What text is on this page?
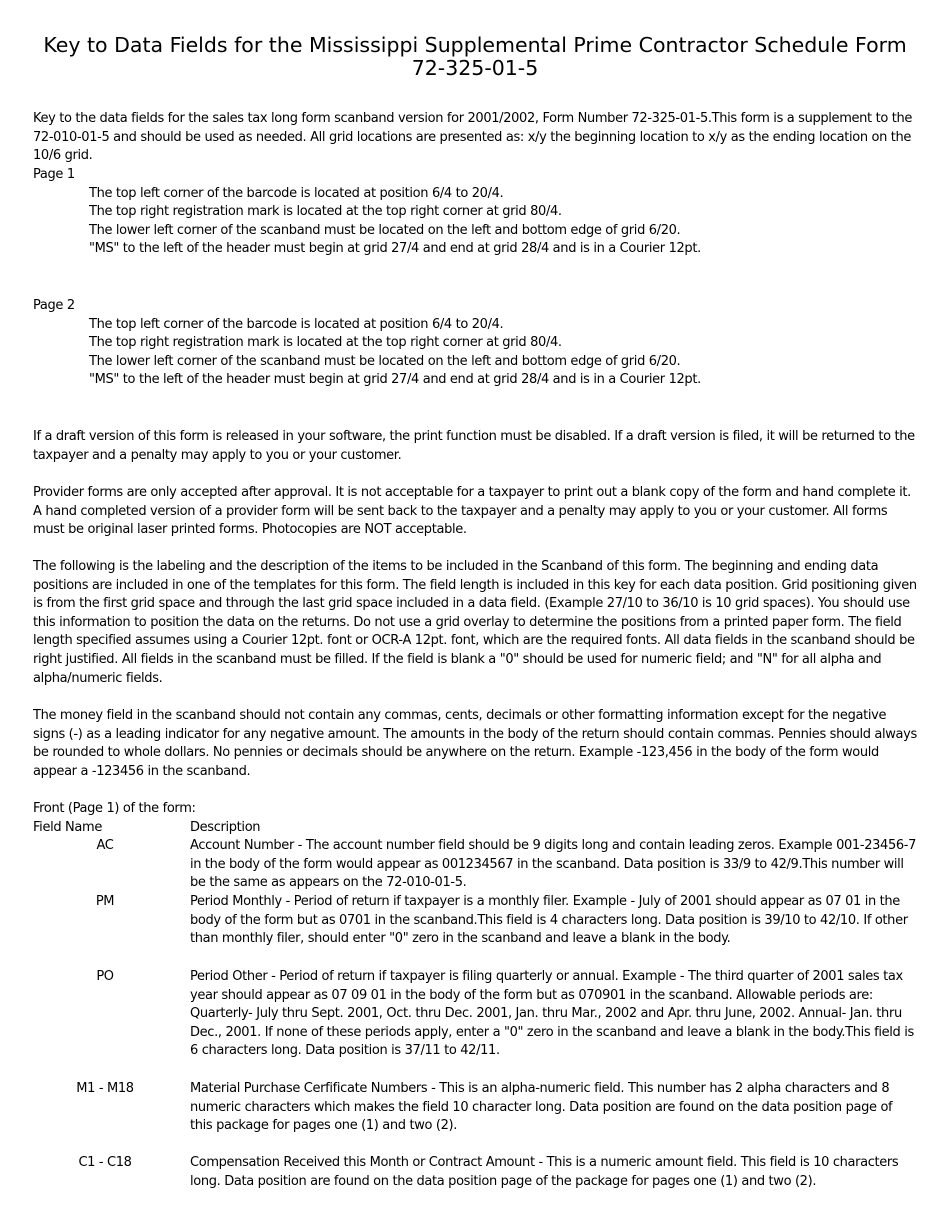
Key to Data Fields for the Mississippi Supplemental Prime Contractor Schedule Form 72-325-01-5

Key to the data fields for the sales tax long form scanband version for 2001/2002, Form Number 72-325-01-5.This form is a supplement to the 72-010-01-5 and should be used as needed. All grid locations are presented as: x/y the beginning location to x/y as the ending location on the 10/6 grid.

Page 1

The top left corner of the barcode is located at position 6/4 to 20/4.

The top right registration mark is located at the top right corner at grid 80/4.

The lower left corner of the scanband must be located on the left and bottom edge of grid 6/20.

"MS" to the left of the header must begin at grid 27/4 and end at grid 28/4 and is in a Courier 12pt.

Page 2

The top left corner of the barcode is located at position 6/4 to 20/4.

The top right registration mark is located at the top right corner at grid 80/4.

The lower left corner of the scanband must be located on the left and bottom edge of grid 6/20.

"MS" to the left of the header must begin at grid 27/4 and end at grid 28/4 and is in a Courier 12pt.

If a draft version of this form is released in your software, the print function must be disabled. If a draft version is filed, it will be returned to the taxpayer and a penalty may apply to you or your customer.

Provider forms are only accepted after approval. It is not acceptable for a taxpayer to print out a blank copy of the form and hand complete it. A hand completed version of a provider form will be sent back to the taxpayer and a penalty may apply to you or your customer. All forms must be original laser printed forms. Photocopies are NOT acceptable.

The following is the labeling and the description of the items to be included in the Scanband of this form. The beginning and ending data positions are included in one of the templates for this form. The field length is included in this key for each data position. Grid positioning given is from the first grid space and through the last grid space included in a data field. (Example 27/10 to 36/10 is 10 grid spaces). You should use this information to position the data on the returns. Do not use a grid overlay to determine the positions from a printed paper form. The field length specified assumes using a Courier 12pt. font or OCR-A 12pt. font, which are the required fonts. All data fields in the scanband should be right justified. All fields in the scanband must be filled. If the field is blank a "0" should be used for numeric field; and "N" for all alpha and alpha/numeric fields.

The money field in the scanband should not contain any commas, cents, decimals or other formatting information except for the negative signs (-) as a leading indicator for any negative amount. The amounts in the body of the return should contain commas. Pennies should always be rounded to whole dollars. No pennies or decimals should be anywhere on the return. Example -123,456 in the body of the form would appear a -123456 in the scanband.

Front (Page 1) of the form:

Field Name	Description
AC	Account Number - The account number field should be 9 digits long and contain leading zeros. Example 001-23456-7 in the body of the form would appear as 001234567 in the scanband. Data position is 33/9 to 42/9.This number will be the same as appears on the 72-010-01-5.

PM	Period Monthly - Period of return if taxpayer is a monthly filer. Example - July of 2001 should appear as 07 01 in the body of the form but as 0701 in the scanband.This field is 4 characters long. Data position is 39/10 to 42/10. If other than monthly filer, should enter "0" zero in the scanband and leave a blank in the body.

PO	Period Other - Period of return if taxpayer is filing quarterly or annual. Example - The third quarter of 2001 sales tax year should appear as 07 09 01 in the body of the form but as 070901 in the scanband. Allowable periods are: Quarterly- July thru Sept. 2001, Oct. thru Dec. 2001, Jan. thru Mar., 2002 and Apr. thru June, 2002. Annual- Jan. thru Dec., 2001. If none of these periods apply, enter a "0" zero in the scanband and leave a blank in the body.This field is 6 characters long. Data position is 37/11 to 42/11.

M1 - M18	Material Purchase Cerfificate Numbers - This is an alpha-numeric field. This number has 2 alpha characters and 8 numeric characters which makes the field 10 character long. Data position are found on the data position page of this package for pages one (1) and two (2).

C1 - C18	Compensation Received this Month or Contract Amount - This is a numeric amount field. This field is 10 characters long. Data position are found on the data position page of the package for pages one (1) and two (2).
